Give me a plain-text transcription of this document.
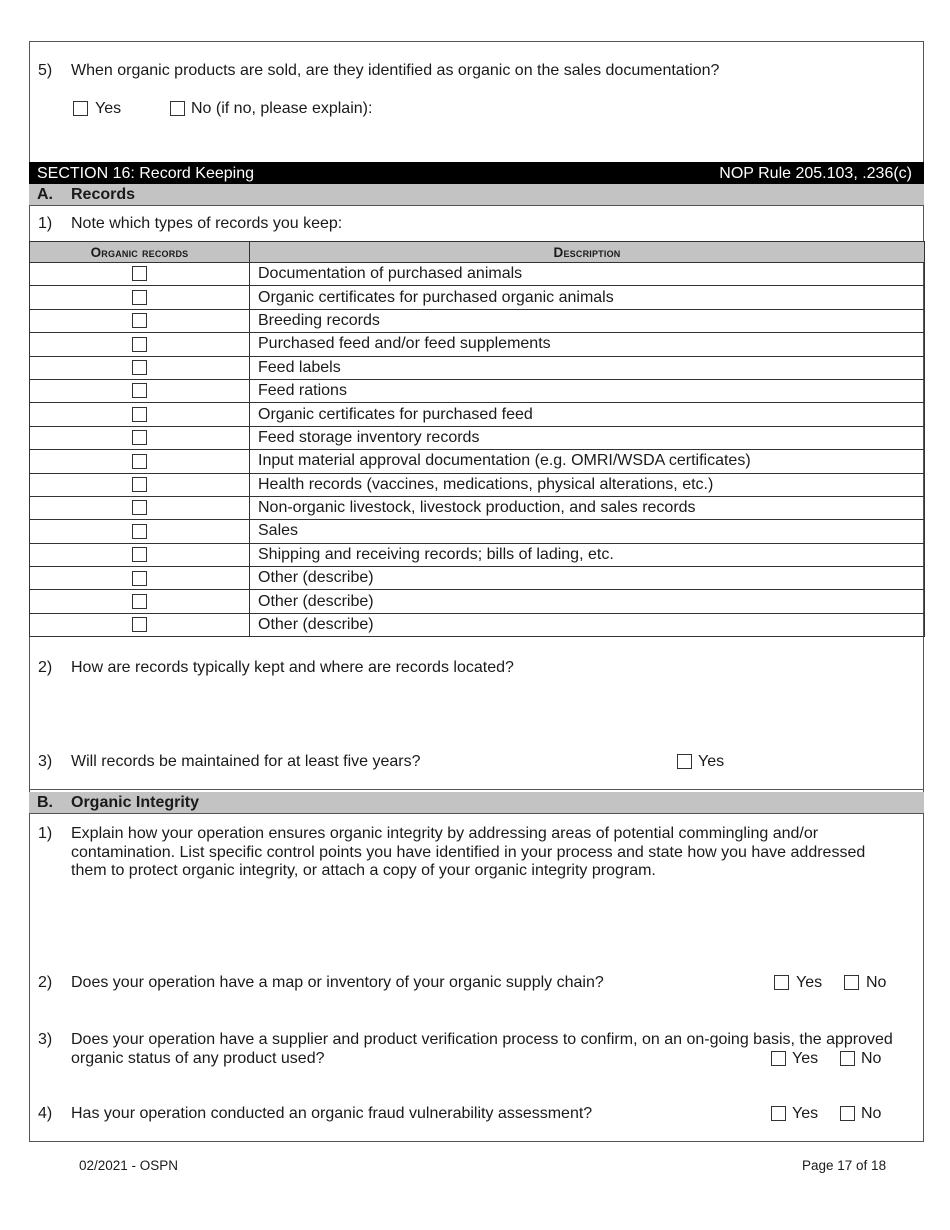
5) When organic products are sold, are they identified as organic on the sales documentation?
Yes	No (if no, please explain):
SECTION 16: Record Keeping	NOP Rule 205.103, .236(c)
A. Records
1) Note which types of records you keep:
Organic records	Description
	Documentation of purchased animals
	Organic certificates for purchased organic animals
	Breeding records
	Purchased feed and/or feed supplements
	Feed labels
	Feed rations
	Organic certificates for purchased feed
	Feed storage inventory records
	Input material approval documentation (e.g. OMRI/WSDA certificates)
	Health records (vaccines, medications, physical alterations, etc.)
	Non-organic livestock, livestock production, and sales records
	Sales
	Shipping and receiving records; bills of lading, etc.
	Other (describe)
	Other (describe)
	Other (describe)
2) How are records typically kept and where are records located?
3) Will records be maintained for at least five years?	Yes
B. Organic Integrity
1) Explain how your operation ensures organic integrity by addressing areas of potential commingling and/or
contamination. List specific control points you have identified in your process and state how you have addressed
them to protect organic integrity, or attach a copy of your organic integrity program.
2) Does your operation have a map or inventory of your organic supply chain?	Yes	No
3) Does your operation have a supplier and product verification process to confirm, on an on-going basis, the approved
organic status of any product used?	Yes	No
4) Has your operation conducted an organic fraud vulnerability assessment?	Yes	No
02/2021 - OSPN	Page 17 of 18
